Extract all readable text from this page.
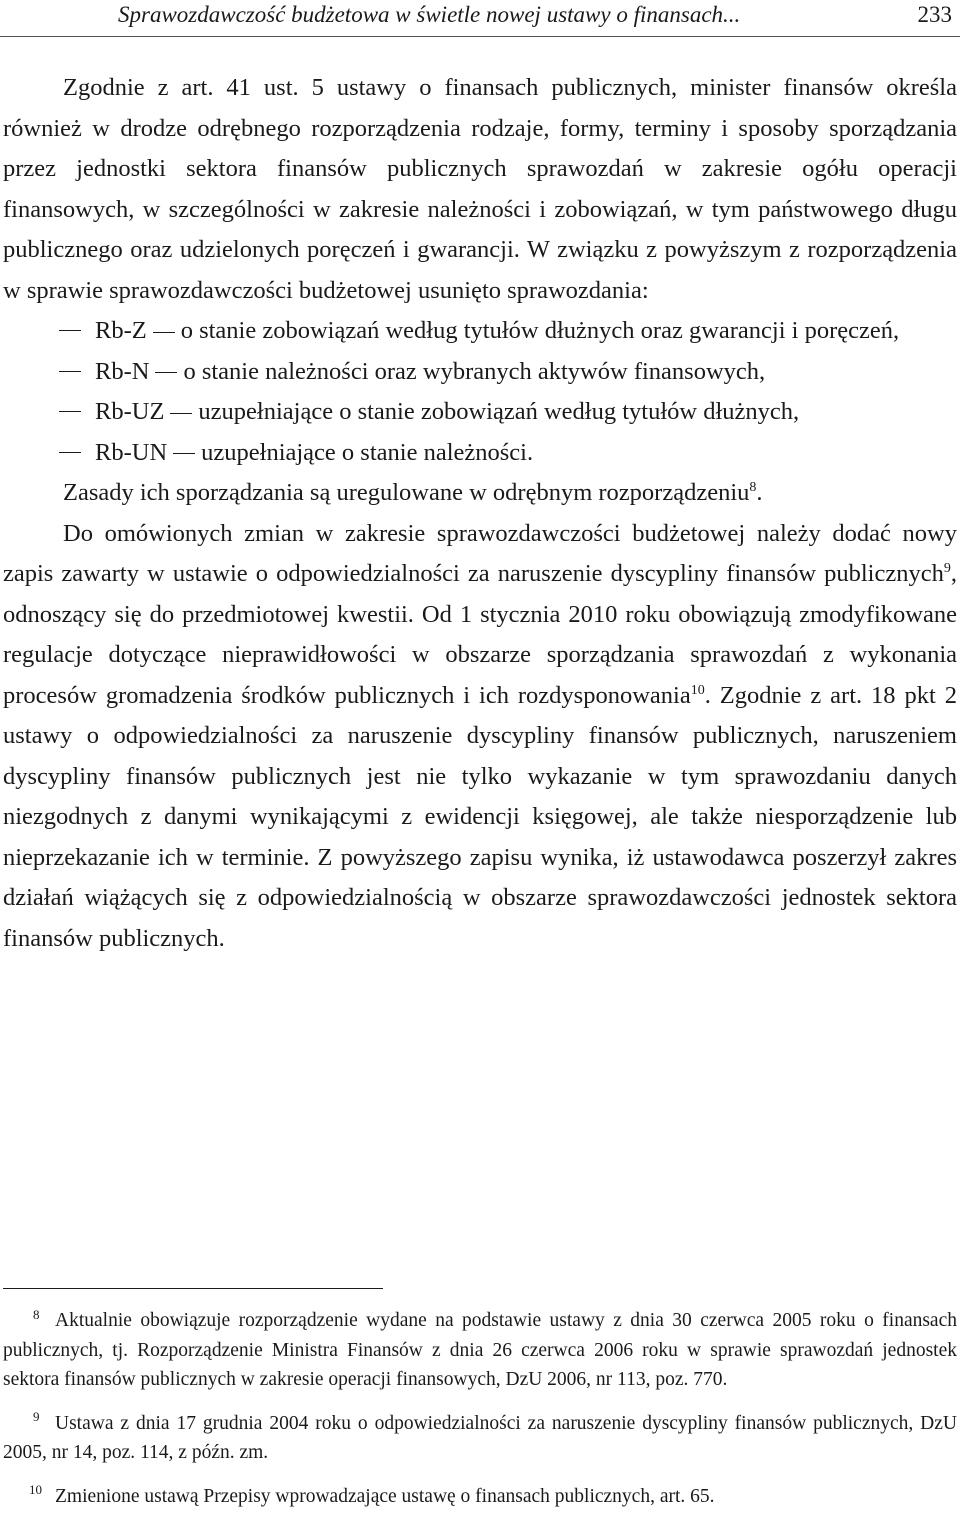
Sprawozdawczość budżetowa w świetle nowej ustawy o finansach...	233

Zgodnie z art. 41 ust. 5 ustawy o finansach publicznych, minister finansów określa również w drodze odrębnego rozporządzenia rodzaje, formy, terminy i sposoby sporządzania przez jednostki sektora finansów publicznych sprawozdań w zakresie ogółu operacji finansowych, w szczególności w zakresie należności i zobowiązań, w tym państwowego długu publicznego oraz udzielonych poręczeń i gwarancji. W związku z powyższym z rozporządzenia w sprawie sprawozdawczości budżetowej usunięto sprawozdania:

Rb-Z o stanie zobowiązań według tytułów dłużnych oraz gwarancji i poręczeń,
Rb-N o stanie należności oraz wybranych aktywów finansowych,
Rb-UZ uzupełniające o stanie zobowiązań według tytułów dłużnych,
Rb-UN uzupełniające o stanie należności.

Zasady ich sporządzania są uregulowane w odrębnym rozporządzeniu$^8$.

Do omówionych zmian w zakresie sprawozdawczości budżetowej należy dodać nowy zapis zawarty w ustawie o odpowiedzialności za naruszenie dyscypliny finansów publicznych$^9$, odnoszący się do przedmiotowej kwestii. Od 1 stycznia 2010 roku obowiązują zmodyfikowane regulacje dotyczące nieprawidłowości w obszarze sporządzania sprawozdań z wykonania procesów gromadzenia środków publicznych i ich rozdysponowania$^{10}$. Zgodnie z art. 18 pkt 2 ustawy o odpowiedzialności za naruszenie dyscypliny finansów publicznych, naruszeniem dyscypliny finansów publicznych jest nie tylko wykazanie w tym sprawozdaniu danych niezgodnych z danymi wynikającymi z ewidencji księgowej, ale także niesporządzenie lub nieprzekazanie ich w terminie. Z powyższego zapisu wynika, iż ustawodawca poszerzył zakres działań wiążących się z odpowiedzialnością w obszarze sprawozdawczości jednostek sektora finansów publicznych.

8 Aktualnie obowiązuje rozporządzenie wydane na podstawie ustawy z dnia 30 czerwca 2005 roku o finansach publicznych, tj. Rozporządzenie Ministra Finansów z dnia 26 czerwca 2006 roku w sprawie sprawozdań jednostek sektora finansów publicznych w zakresie operacji finansowych, DzU 2006, nr 113, poz. 770.

9 Ustawa z dnia 17 grudnia 2004 roku o odpowiedzialności za naruszenie dyscypliny finansów publicznych, DzU 2005, nr 14, poz. 114, z późn. zm.

10 Zmienione ustawą Przepisy wprowadzające ustawę o finansach publicznych, art. 65.
